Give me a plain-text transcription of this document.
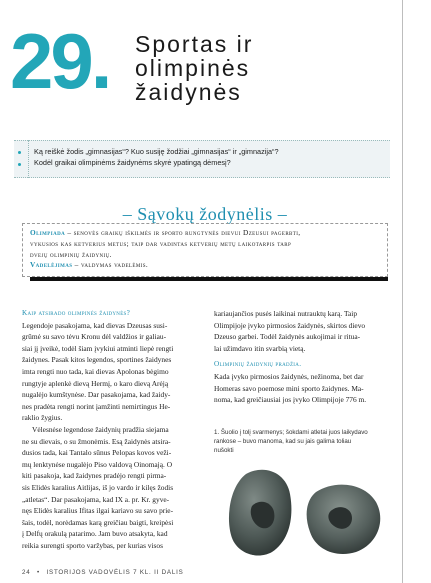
29. Sportas ir
olimpinės
žaidynės
Ką reiškė žodis „gimnasijas“? Kuo susiję žodžiai „gimnasijas“ ir „gimnazija“?
Kodėl graikai olimpinėms žaidynėms skyrė ypatingą dėmesį?
– Sąvokų žodynėlis –
Olimpiada – senovės graikų iškilmės ir sporto rungtynės dievui Dzeusui pagerbti,
vykusios kas ketverius metus; taip dar vadintas ketverių metų laikotarpis tarp
dvejų olimpinių žaidynių.
Vadelėjimas – valdymas vadelėmis.
Kaip atsirado olimpinės žaidynės?
Legendoje pasakojama, kad dievas Dzeusas susi-
grūmė su savo tėvu Kronu dėl valdžios ir galiau-
siai jį įveikė, todėl šiam įvykiui atminti liepė rengti
žaidynes. Pasak kitos legendos, sportines žaidynes
imta rengti nuo tada, kai dievas Apolonas bėgimo
rungtyje aplenkė dievą Hermį, o karo dievą Arėją
nugalėjo kumštynėse. Dar pasakojama, kad žaidy-
nes pradėta rengti norint įamžinti nemirtingus He-
raklio žygius.
Vėlesnėse legendose žaidynių pradžia siejama
ne su dievais, o su žmonėmis. Esą žaidynės atsira-
dusios tada, kai Tantalo sūnus Pelopas kovos veži-
mų lenktynėse nugalėjo Piso valdovą Oinomają. O
kiti pasakoja, kad žaidynes pradėjo rengti pirma-
sis Elidės karalius Aitlijas, iš jo vardo ir kilęs žodis
„atletas“. Dar pasakojama, kad IX a. pr. Kr. gyve-
nęs Elidės karalius Ifitas ilgai kariavo su savo prie-
šais, todėl, norėdamas karą greičiau baigti, kreipėsi
į Delfų orakulą patarimo. Jam buvo atsakyta, kad
reikia surengti sporto varžybas, per kurias visos
kariaujančios pusės laikinai nutrauktų karą. Taip
Olimpijoje įvyko pirmosios žaidynės, skirtos dievo
Dzeuso garbei. Todėl žaidynės aukojimai ir ritua-
lai užimdavo itin svarbią vietą.
Olimpinių žaidynių pradžia.
Kada įvyko pirmosios žaidynės, nežinoma, bet dar
Homeras savo poemose mini sporto žaidynes. Ma-
noma, kad greičiausiai jos įvyko Olimpijoje 776 m.
1. Šuolio į tolį svarmenys; šokdami atletai juos laikydavo
rankose – buvo manoma, kad su jais galima toliau
nušokti
24 • ISTORIJOS VADOVĖLIS 7 KL. II DALIS
